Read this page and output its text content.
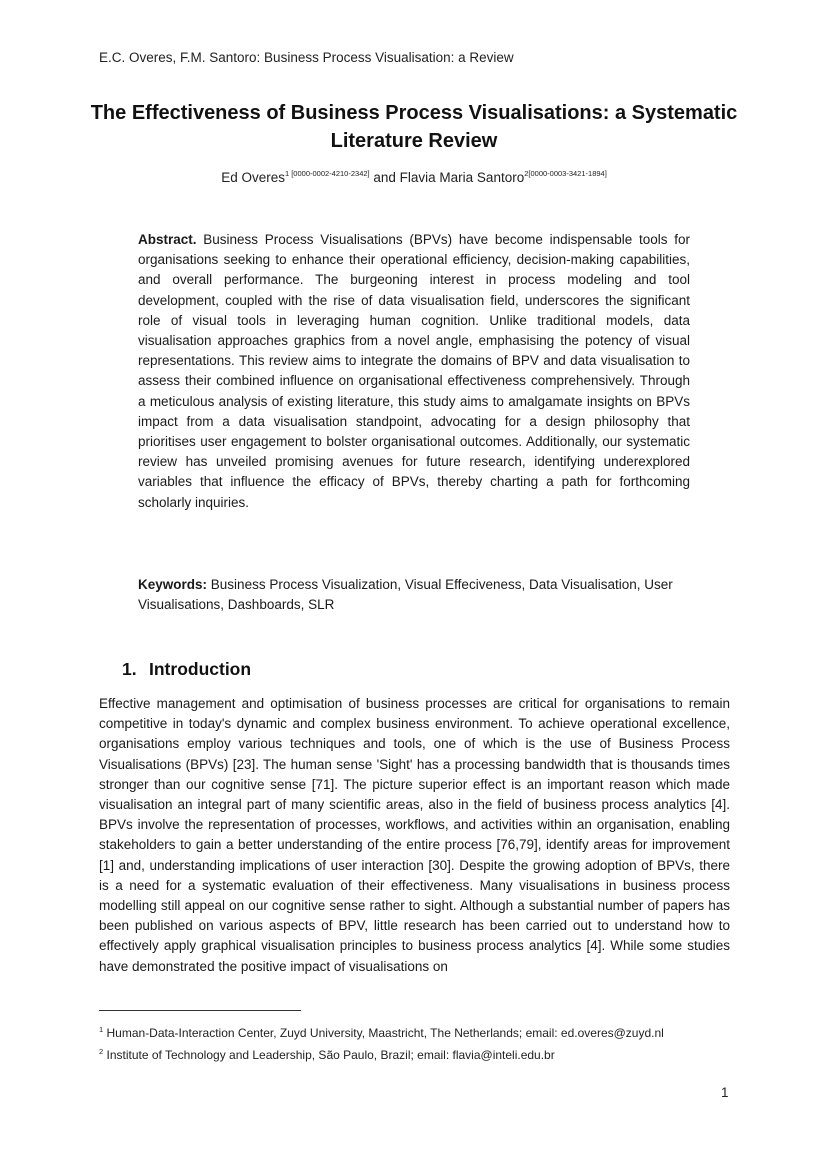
E.C. Overes, F.M. Santoro: Business Process Visualisation: a Review
The Effectiveness of Business Process Visualisations: a Systematic Literature Review
Ed Overes$^{1 [0000-0002-4210-2342]}$ and Flavia Maria Santoro$^{2[0000-0003-3421-1894]}$

Abstract. Business Process Visualisations (BPVs) have become indispensable tools for organisations seeking to enhance their operational efficiency, decision-making capabilities, and overall performance. The burgeoning interest in process modeling and tool development, coupled with the rise of data visualisation field, underscores the significant role of visual tools in leveraging human cognition. Unlike traditional models, data visualisation approaches graphics from a novel angle, emphasising the potency of visual representations. This review aims to integrate the domains of BPV and data visualisation to assess their combined influence on organisational effectiveness comprehensively. Through a meticulous analysis of existing literature, this study aims to amalgamate insights on BPVs impact from a data visualisation standpoint, advocating for a design philosophy that prioritises user engagement to bolster organisational outcomes. Additionally, our systematic review has unveiled promising avenues for future research, identifying underexplored variables that influence the efficacy of BPVs, thereby charting a path for forthcoming scholarly inquiries.

Keywords: Business Process Visualization, Visual Effeciveness, Data Visualisation, User Visualisations, Dashboards, SLR

1. Introduction

Effective management and optimisation of business processes are critical for organisations to remain competitive in today's dynamic and complex business environment. To achieve operational excellence, organisations employ various techniques and tools, one of which is the use of Business Process Visualisations (BPVs) [23]. The human sense 'Sight' has a processing bandwidth that is thousands times stronger than our cognitive sense [71]. The picture superior effect is an important reason which made visualisation an integral part of many scientific areas, also in the field of business process analytics [4]. BPVs involve the representation of processes, workflows, and activities within an organisation, enabling stakeholders to gain a better understanding of the entire process [76,79], identify areas for improvement [1] and, understanding implications of user interaction [30]. Despite the growing adoption of BPVs, there is a need for a systematic evaluation of their effectiveness. Many visualisations in business process modelling still appeal on our cognitive sense rather to sight. Although a substantial number of papers has been published on various aspects of BPV, little research has been carried out to understand how to effectively apply graphical visualisation principles to business process analytics [4]. While some studies have demonstrated the positive impact of visualisations on

$^1$ Human-Data-Interaction Center, Zuyd University, Maastricht, The Netherlands; email: ed.overes@zuyd.nl

$^2$ Institute of Technology and Leadership, São Paulo, Brazil; email: flavia@inteli.edu.br

1
